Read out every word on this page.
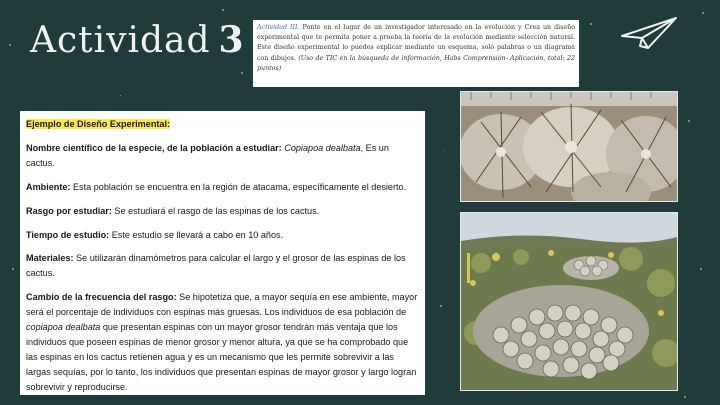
Actividad 3	Actividad III. Ponte en el lugar de un investigador interesado en la evolución y Crea un diseño experimental que te permita poner a prueba la teoría de la evolución mediante selección natural. Este diseño experimental lo puedes explicar mediante un esquema, solo palabras o un diagrama con dibujos. (Uso de TIC en la búsqueda de información, Habs Comprensión- Aplicación, total: 22 puntos)

Ejemplo de Diseño Experimental:

Nombre científico de la especie, de la población a estudiar: Copiapoa dealbata, Es un cactus.

Ambiente: Esta población se encuentra en la región de atacama, específicamente el desierto.

Rasgo por estudiar: Se estudiará el rasgo de las espinas de los cactus.

Tiempo de estudio: Este estudio se llevará a cabo en 10 años.

Materiales: Se utilizarán dinamómetros para calcular el largo y el grosor de las espinas de los cactus.

Cambio de la frecuencia del rasgo: Se hipotetiza que, a mayor sequía en ese ambiente, mayor será el porcentaje de individuos con espinas más gruesas. Los individuos de esa población de copiapoa dealbata que presentan espinas con un mayor grosor tendrán más ventaja que los individuos que poseen espinas de menor grosor y menor altura, ya que se ha comprobado que las espinas en los cactus retienen agua y es un mecanismo que les permite sobrevivir a las largas sequías, por lo tanto, los individuos que presentan espinas de mayor grosor y largo logran sobrevivir y reproducirse.
